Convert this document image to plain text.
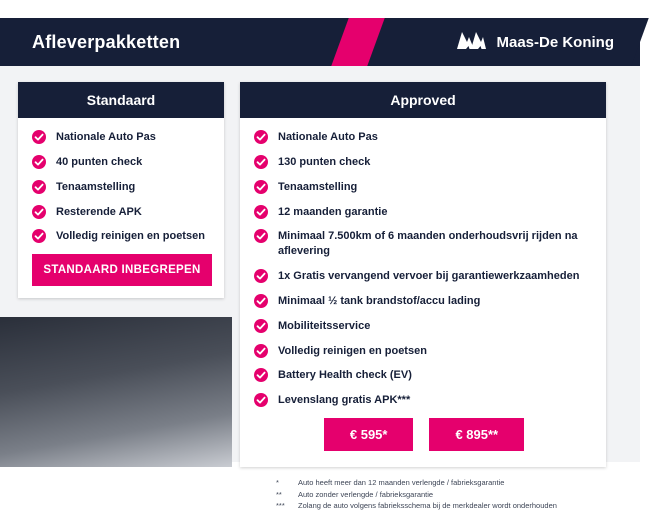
Afleverpakketten	Maas-De Koning
Standaard
Nationale Auto Pas
40 punten check
Tenaamstelling
Resterende APK
Volledig reinigen en poetsen
STANDAARD INBEGREPEN
Approved
Nationale Auto Pas
130 punten check
Tenaamstelling
12 maanden garantie
Minimaal 7.500km of 6 maanden onderhoudsvrij rijden na aflevering
1x Gratis vervangend vervoer bij garantiewerkzaamheden
Minimaal ½ tank brandstof/accu lading
Mobiliteitsservice
Volledig reinigen en poetsen
Battery Health check (EV)
Levenslang gratis APK***
€ 595*	€ 895**
*	Auto heeft meer dan 12 maanden verlengde / fabrieksgarantie
**	Auto zonder verlengde / fabrieksgarantie
***	Zolang de auto volgens fabrieksschema bij de merkdealer wordt onderhouden
